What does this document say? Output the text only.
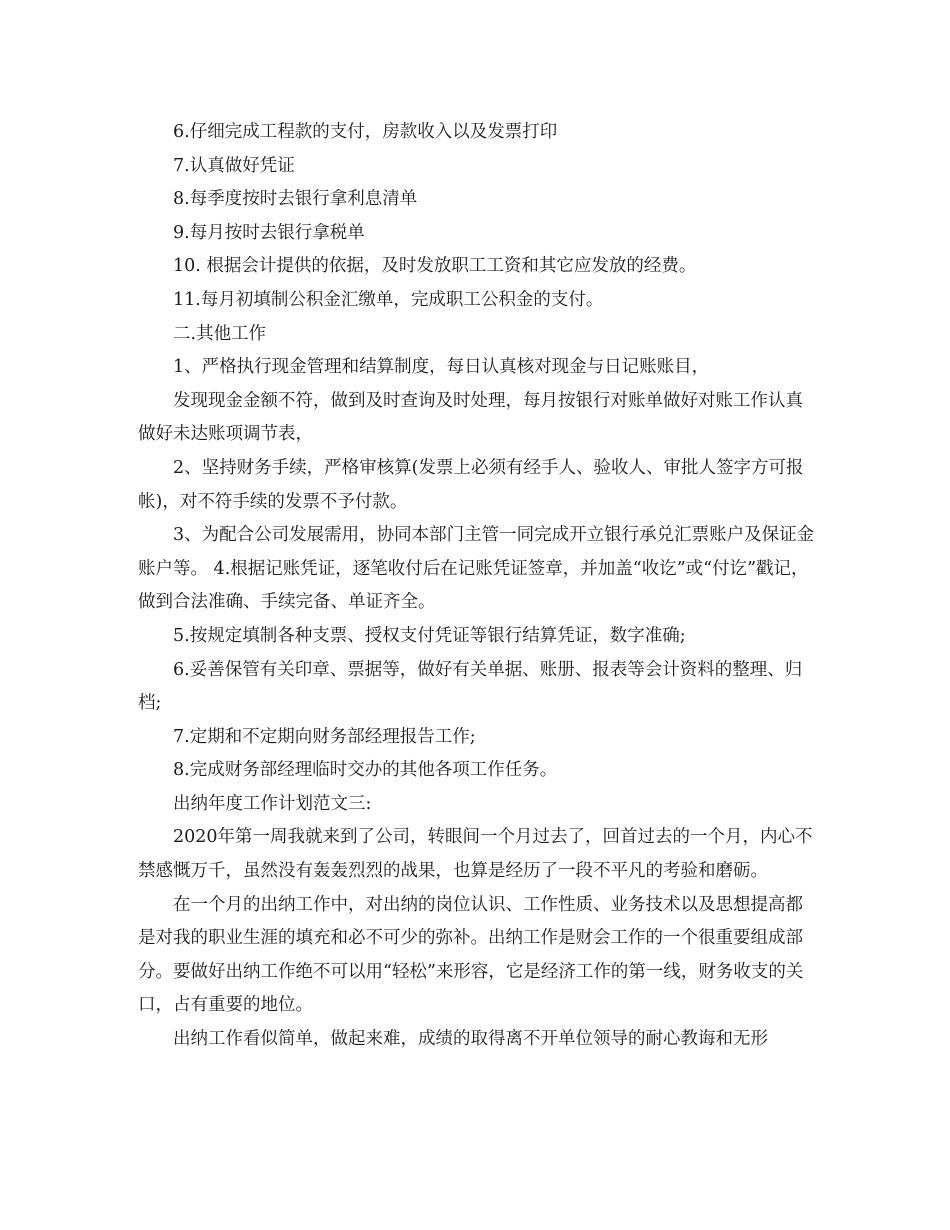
6.仔细完成工程款的支付，房款收入以及发票打印

7.认真做好凭证

8.每季度按时去银行拿利息清单

9.每月按时去银行拿税单

10. 根据会计提供的依据，及时发放职工工资和其它应发放的经费。

11.每月初填制公积金汇缴单，完成职工公积金的支付。

二.其他工作

1、严格执行现金管理和结算制度，每日认真核对现金与日记账账目，

发现现金金额不符，做到及时查询及时处理，每月按银行对账单做好对账工作认真做好未达账项调节表，

2、坚持财务手续，严格审核算(发票上必须有经手人、验收人、审批人签字方可报帐)，对不符手续的发票不予付款。

3、为配合公司发展需用，协同本部门主管一同完成开立银行承兑汇票账户及保证金账户等。 4.根据记账凭证，逐笔收付后在记账凭证签章，并加盖“收讫”或“付讫”戳记，做到合法准确、手续完备、单证齐全。

5.按规定填制各种支票、授权支付凭证等银行结算凭证，数字准确;

6.妥善保管有关印章、票据等，做好有关单据、账册、报表等会计资料的整理、归档;

7.定期和不定期向财务部经理报告工作;

8.完成财务部经理临时交办的其他各项工作任务。

出纳年度工作计划范文三:

2020年第一周我就来到了公司，转眼间一个月过去了，回首过去的一个月，内心不禁感慨万千，虽然没有轰轰烈烈的战果，也算是经历了一段不平凡的考验和磨砺。

在一个月的出纳工作中，对出纳的岗位认识、工作性质、业务技术以及思想提高都是对我的职业生涯的填充和必不可少的弥补。出纳工作是财会工作的一个很重要组成部分。要做好出纳工作绝不可以用“轻松”来形容，它是经济工作的第一线，财务收支的关口，占有重要的地位。

出纳工作看似简单，做起来难，成绩的取得离不开单位领导的耐心教诲和无形
